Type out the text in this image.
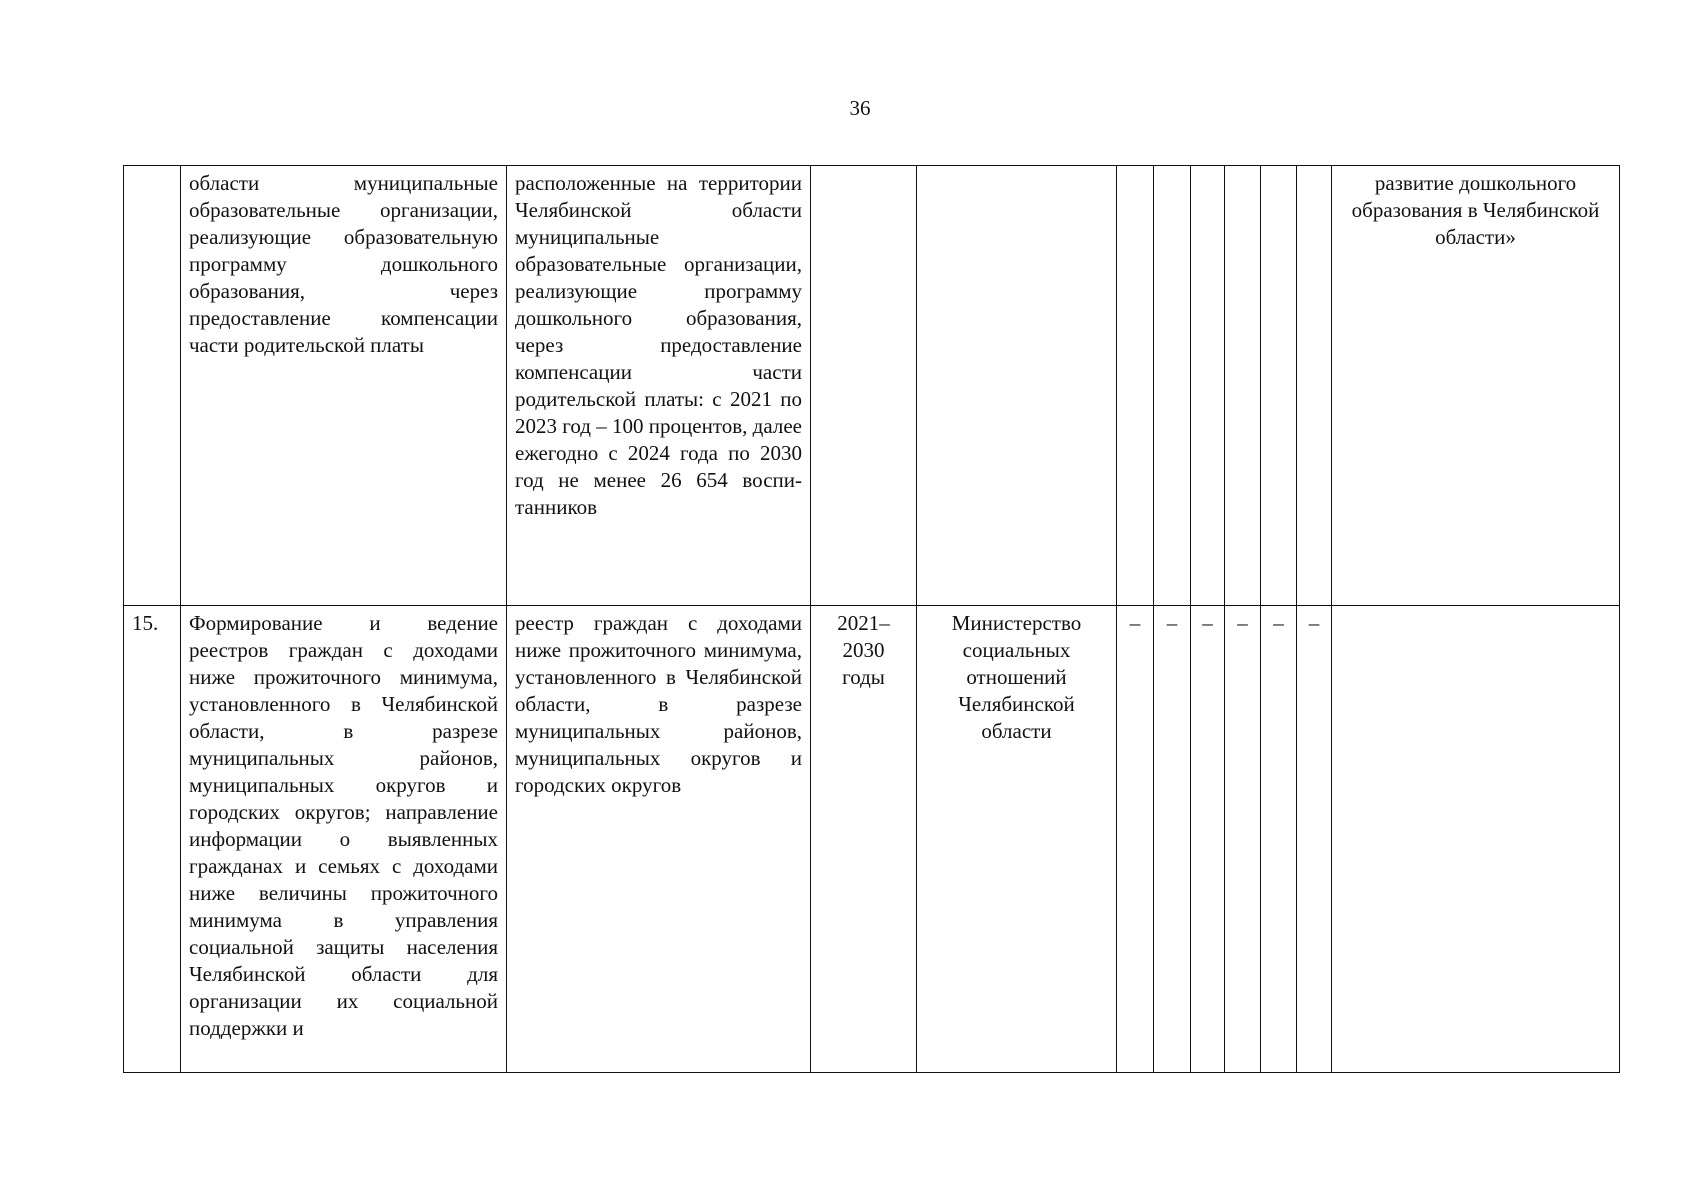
36
	области муниципальные образовательные организации, реализующие образовательную программу дошкольного образования, через предоставление компенсации части родительской платы	расположенные на территории Челябинской области муниципальные образовательные организации, реализующие программу дошкольного образования, через предоставление компенсации части родительской платы: с 2021 по 2023 год – 100 процентов, далее ежегодно с 2024 года по 2030 год не менее 26 654 воспитанников									развитие дошкольного образования в Челябинской области»
15.	Формирование и ведение реестров граждан с доходами ниже прожиточного минимума, установленного в Челябинской области, в разрезе муниципальных районов, муниципальных округов и городских округов; направление информации о выявленных гражданах и семьях с доходами ниже величины прожиточного минимума в управления социальной защиты населения Челябинской области для организации их социальной поддержки и	реестр граждан с доходами ниже прожиточного минимума, установленного в Челябинской области, в разрезе муниципальных районов, муниципальных округов и городских округов	2021–2030 годы	Министерство социальных отношений Челябинской области	–	–	–	–	–	–	
